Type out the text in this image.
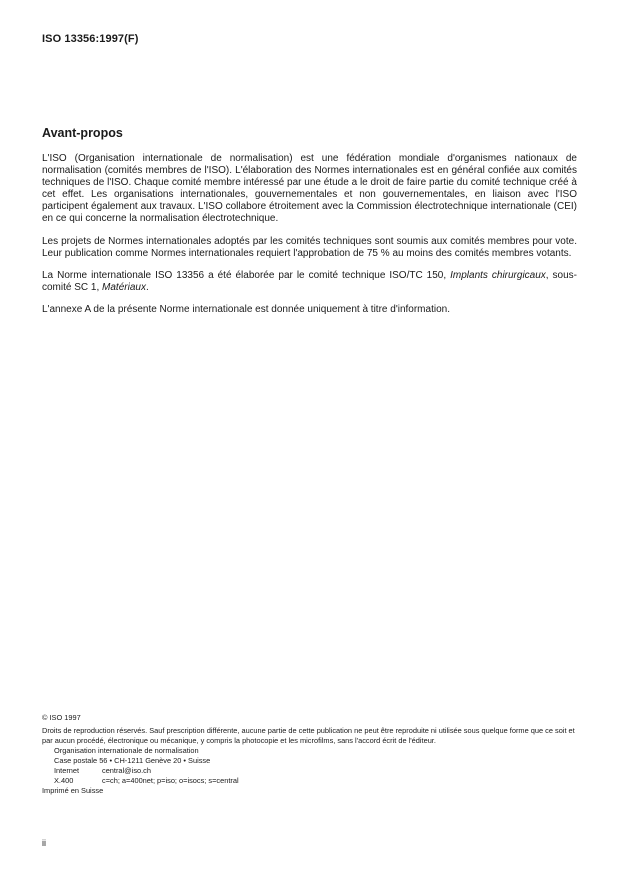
ISO 13356:1997(F)
Avant-propos

L'ISO (Organisation internationale de normalisation) est une fédération mondiale d'organismes nationaux de normalisation (comités membres de l'ISO). L'élaboration des Normes internationales est en général confiée aux comités techniques de l'ISO. Chaque comité membre intéressé par une étude a le droit de faire partie du comité technique créé à cet effet. Les organisations internationales, gouvernementales et non gouvernementales, en liaison avec l'ISO participent également aux travaux. L'ISO collabore étroitement avec la Commission électrotechnique internationale (CEI) en ce qui concerne la normalisation électrotechnique.

Les projets de Normes internationales adoptés par les comités techniques sont soumis aux comités membres pour vote. Leur publication comme Normes internationales requiert l'approbation de 75 % au moins des comités membres votants.

La Norme internationale ISO 13356 a été élaborée par le comité technique ISO/TC 150, Implants chirurgicaux, sous-comité SC 1, Matériaux.

L'annexe A de la présente Norme internationale est donnée uniquement à titre d'information.

© ISO 1997
Droits de reproduction réservés. Sauf prescription différente, aucune partie de cette publication ne peut être reproduite ni utilisée sous quelque forme que ce soit et par aucun procédé, électronique ou mécanique, y compris la photocopie et les microfilms, sans l'accord écrit de l'éditeur.
Organisation internationale de normalisation
Case postale 56 • CH-1211 Genève 20 • Suisse
Internet	central@iso.ch
X.400	c=ch; a=400net; p=iso; o=isocs; s=central
Imprimé en Suisse
ii
